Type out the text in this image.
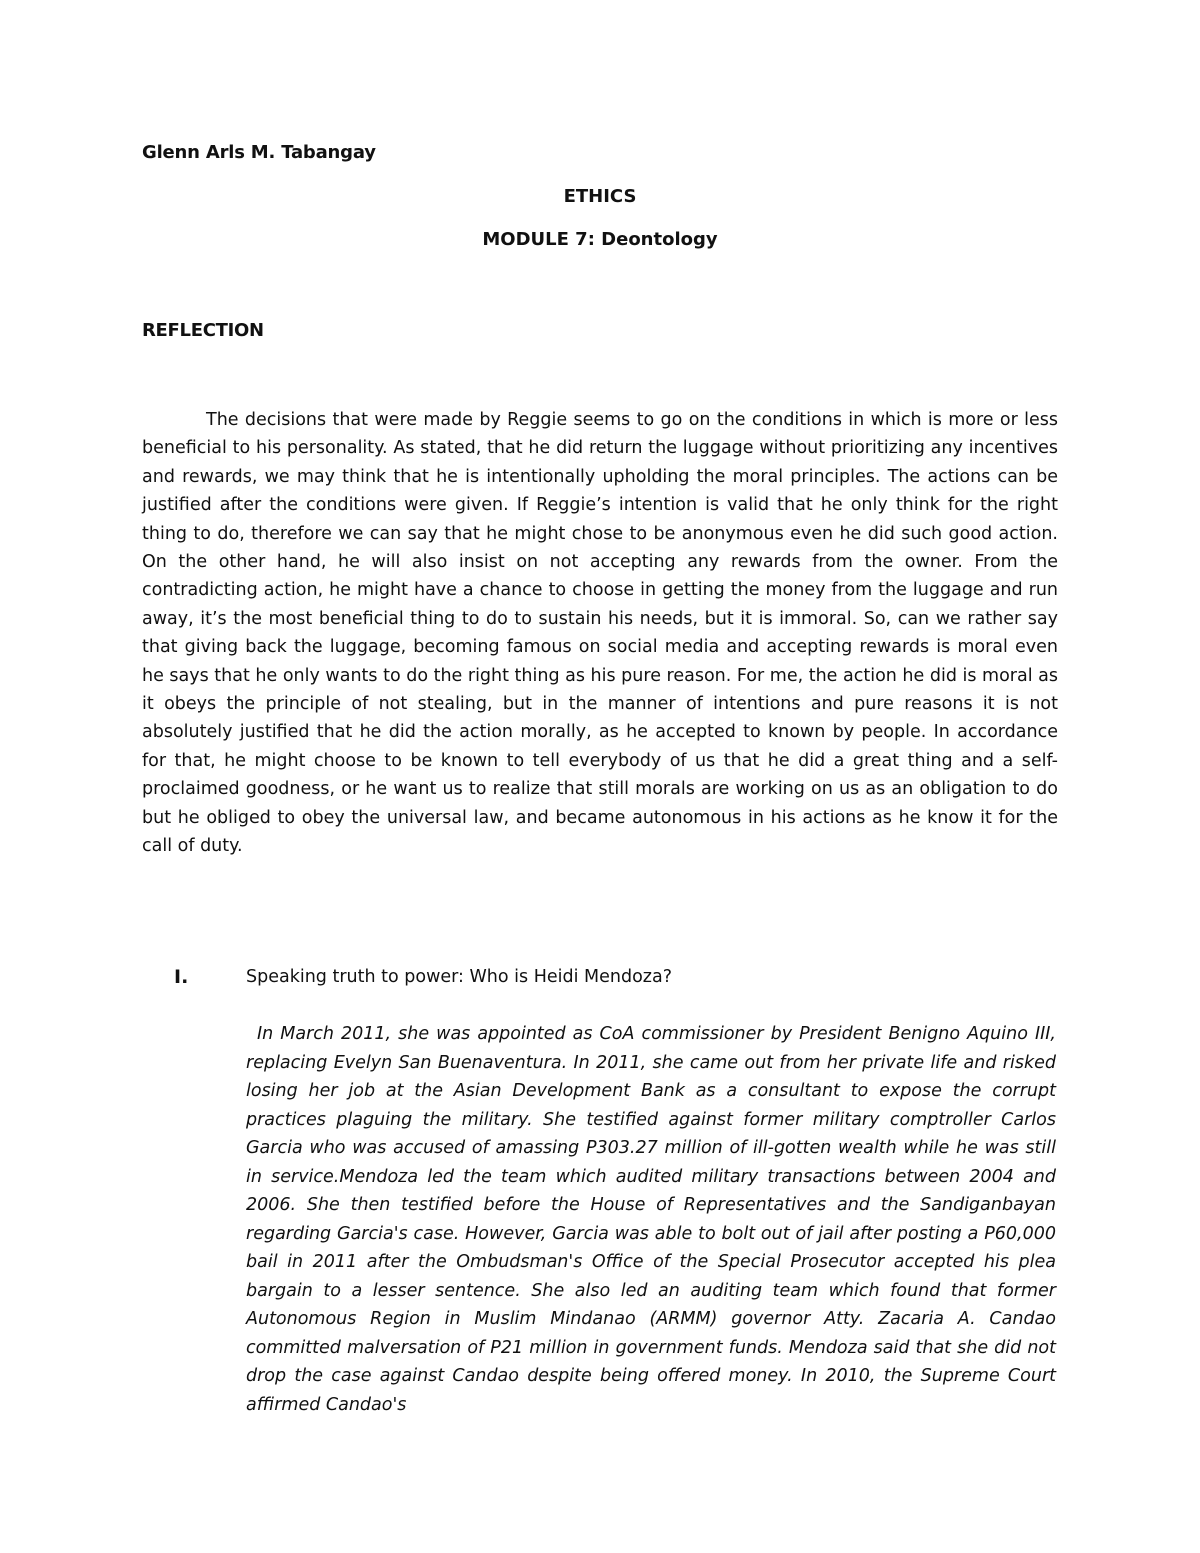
Glenn Arls M. Tabangay
ETHICS
MODULE 7: Deontology
REFLECTION

The decisions that were made by Reggie seems to go on the conditions in which is more or less beneficial to his personality. As stated, that he did return the luggage without prioritizing any incentives and rewards, we may think that he is intentionally upholding the moral principles. The actions can be justified after the conditions were given. If Reggie’s intention is valid that he only think for the right thing to do, therefore we can say that he might chose to be anonymous even he did such good action. On the other hand, he will also insist on not accepting any rewards from the owner. From the contradicting action, he might have a chance to choose in getting the money from the luggage and run away, it’s the most beneficial thing to do to sustain his needs, but it is immoral. So, can we rather say that giving back the luggage, becoming famous on social media and accepting rewards is moral even he says that he only wants to do the right thing as his pure reason. For me, the action he did is moral as it obeys the principle of not stealing, but in the manner of intentions and pure reasons it is not absolutely justified that he did the action morally, as he accepted to known by people. In accordance for that, he might choose to be known to tell everybody of us that he did a great thing and a self-proclaimed goodness, or he want us to realize that still morals are working on us as an obligation to do but he obliged to obey the universal law, and became autonomous in his actions as he know it for the call of duty.

I.	Speaking truth to power: Who is Heidi Mendoza?

In March 2011, she was appointed as CoA commissioner by President Benigno Aquino III, replacing Evelyn San Buenaventura. In 2011, she came out from her private life and risked losing her job at the Asian Development Bank as a consultant to expose the corrupt practices plaguing the military. She testified against former military comptroller Carlos Garcia who was accused of amassing P303.27 million of ill-gotten wealth while he was still in service.Mendoza led the team which audited military transactions between 2004 and 2006. She then testified before the House of Representatives and the Sandiganbayan regarding Garcia's case. However, Garcia was able to bolt out of jail after posting a P60,000 bail in 2011 after the Ombudsman's Office of the Special Prosecutor accepted his plea bargain to a lesser sentence. She also led an auditing team which found that former Autonomous Region in Muslim Mindanao (ARMM) governor Atty. Zacaria A. Candao committed malversation of P21 million in government funds. Mendoza said that she did not drop the case against Candao despite being offered money. In 2010, the Supreme Court affirmed Candao's
